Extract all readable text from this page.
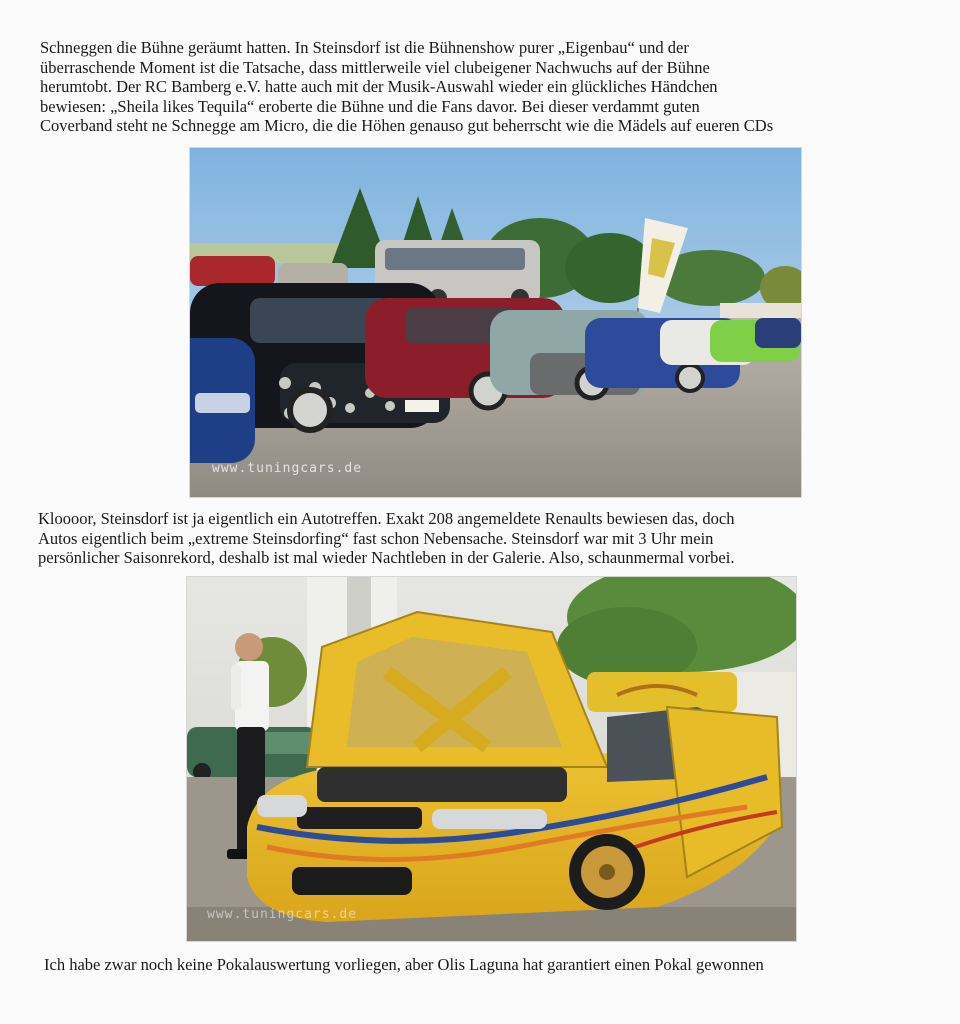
Schneggen die Bühne geräumt hatten. In Steinsdorf ist die Bühnenshow purer „Eigenbau“ und der
überraschende Moment ist die Tatsache, dass mittlerweile viel clubeigener Nachwuchs auf der Bühne
herumtobt. Der RC Bamberg e.V. hatte auch mit der Musik-Auswahl wieder ein glückliches Händchen
bewiesen: „Sheila likes Tequila“ eroberte die Bühne und die Fans davor. Bei dieser verdammt guten
Coverband steht ne Schnegge am Micro, die die Höhen genauso gut beherrscht wie die Mädels auf eueren CDs
www.tuningcars.de
Kloooor, Steinsdorf ist ja eigentlich ein Autotreffen. Exakt 208 angemeldete Renaults bewiesen das, doch
Autos eigentlich beim „extreme Steinsdorfing“ fast schon Nebensache. Steinsdorf war mit 3 Uhr mein
persönlicher Saisonrekord, deshalb ist mal wieder Nachtleben in der Galerie. Also, schaunmermal vorbei.
www.tuningcars.de
Ich habe zwar noch keine Pokalauswertung vorliegen, aber Olis Laguna hat garantiert einen Pokal gewonnen
